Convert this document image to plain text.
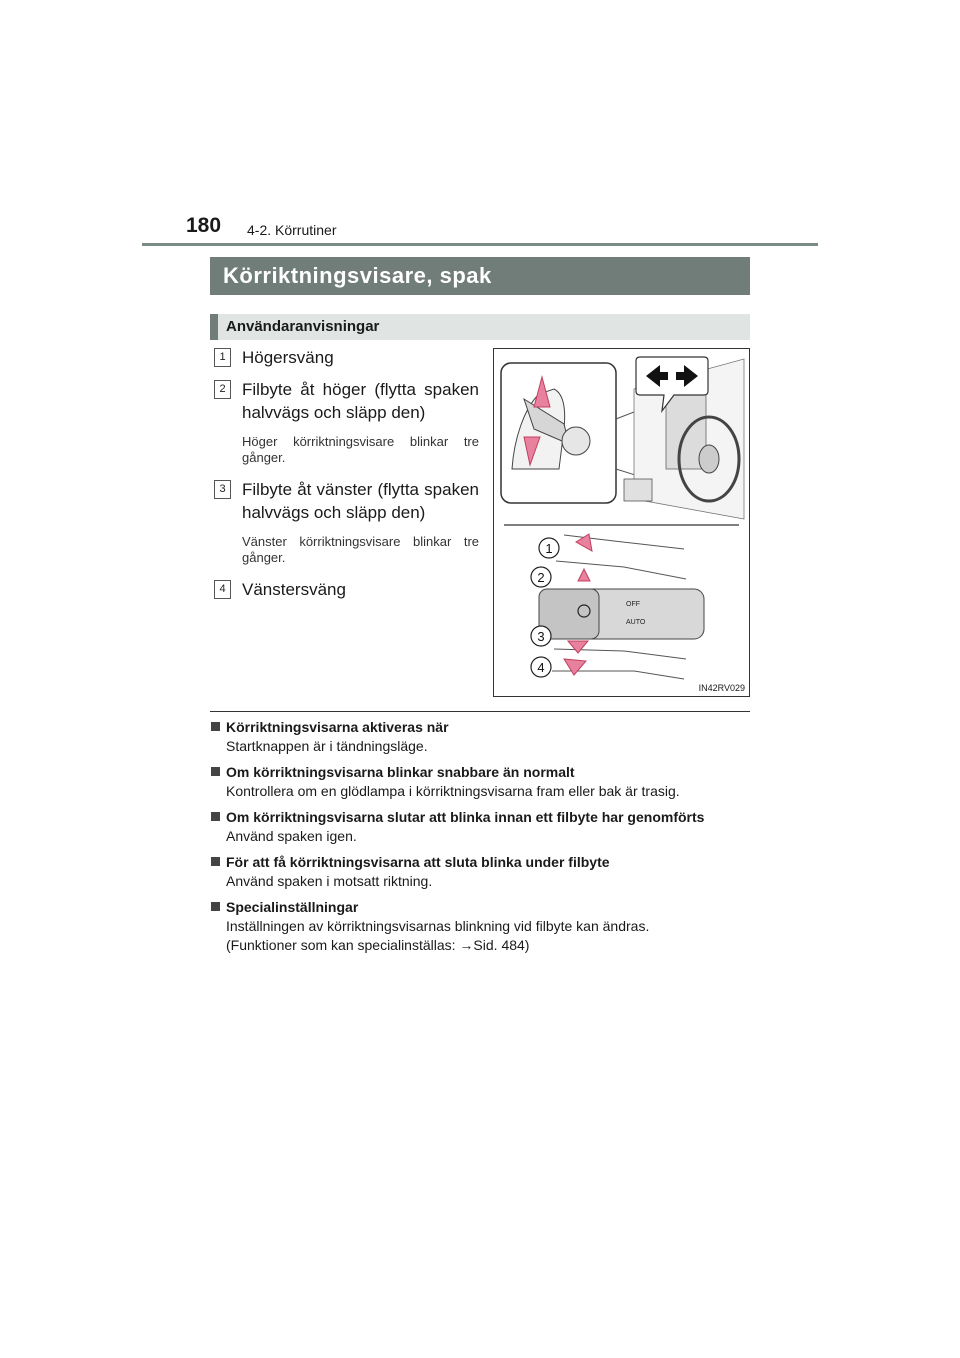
180 4-2. Körrutiner
Körriktningsvisare, spak
Användaranvisningar
1 Högersväng
2 Filbyte åt höger (flytta spaken halvvägs och släpp den)
Höger körriktningsvisare blinkar tre gånger.
3 Filbyte åt vänster (flytta spaken halvvägs och släpp den)
Vänster körriktningsvisare blinkar tre gånger.
4 Vänstersväng
OFF
AUTO
1
2
3
4
IN42RV029
Körriktningsvisarna aktiveras när
Startknappen är i tändningsläge.
Om körriktningsvisarna blinkar snabbare än normalt
Kontrollera om en glödlampa i körriktningsvisarna fram eller bak är trasig.
Om körriktningsvisarna slutar att blinka innan ett filbyte har genomförts
Använd spaken igen.
För att få körriktningsvisarna att sluta blinka under filbyte
Använd spaken i motsatt riktning.
Specialinställningar
Inställningen av körriktningsvisarnas blinkning vid filbyte kan ändras.
(Funktioner som kan specialinställas: →Sid. 484)
